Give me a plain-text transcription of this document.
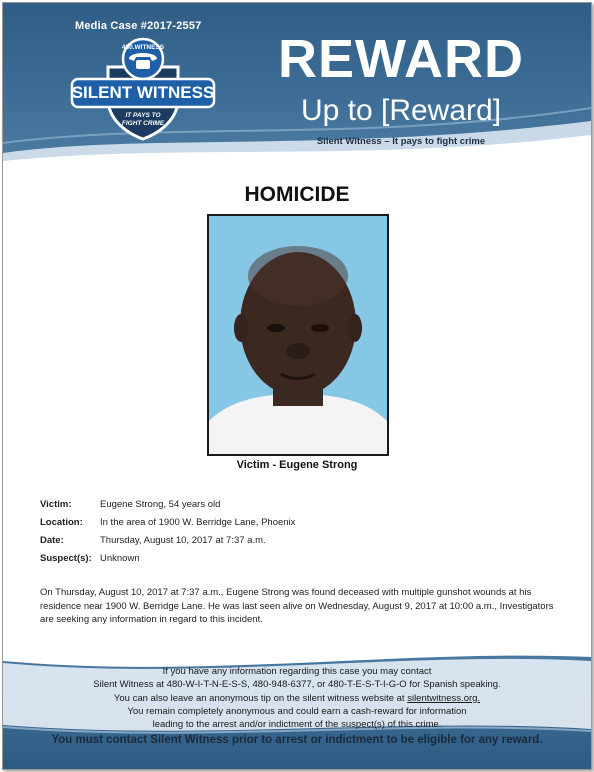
Media Case #2017-2557
SILENT WITNESS
480.WITNESS
IT PAYS TO
FIGHT CRIME
REWARD
Up to [Reward]
Silent Witness – It pays to fight crime
HOMICIDE
Victim - Eugene Strong
Victim:	Eugene Strong, 54 years old
Location:	In the area of 1900 W. Berridge Lane, Phoenix
Date:	Thursday, August 10, 2017 at 7:37 a.m.
Suspect(s): Unknown
On Thursday, August 10, 2017 at 7:37 a.m., Eugene Strong was found deceased with multiple gunshot wounds at his residence near 1900 W. Berridge Lane. He was last seen alive on Wednesday, August 9, 2017 at 10:00 a.m., Investigators are seeking any information in regard to this incident.
If you have any information regarding this case you may contact
Silent Witness at 480-W-I-T-N-E-S-S, 480-948-6377, or 480-T-E-S-T-I-G-O for Spanish speaking.
You can also leave an anonymous tip on the silent witness website at silentwitness.org.
You remain completely anonymous and could earn a cash-reward for information
leading to the arrest and/or indictment of the suspect(s) of this crime.
You must contact Silent Witness prior to arrest or indictment to be eligible for any reward.
